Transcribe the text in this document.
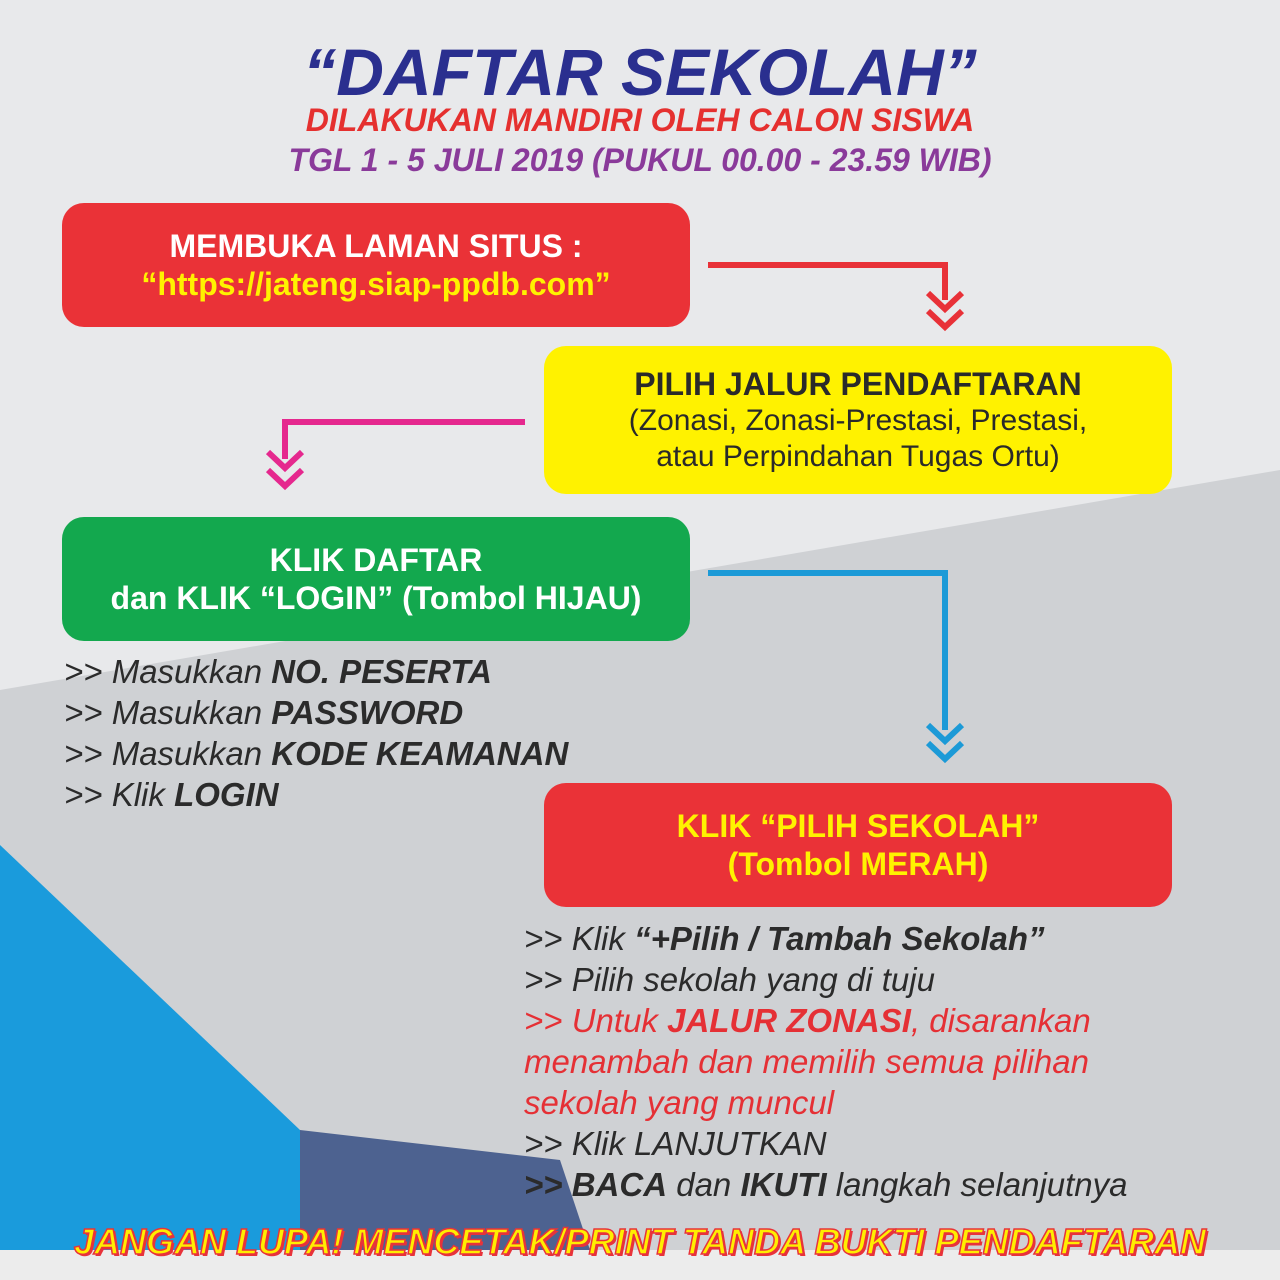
“DAFTAR SEKOLAH”
DILAKUKAN MANDIRI OLEH CALON SISWA
TGL 1 - 5 JULI 2019 (PUKUL 00.00 - 23.59 WIB)
MEMBUKA LAMAN SITUS :
“https://jateng.siap-ppdb.com”
PILIH JALUR PENDAFTARAN
(Zonasi, Zonasi-Prestasi, Prestasi,
atau Perpindahan Tugas Ortu)
KLIK DAFTAR
dan KLIK “LOGIN” (Tombol HIJAU)
>> Masukkan NO. PESERTA
>> Masukkan PASSWORD
>> Masukkan KODE KEAMANAN
>> Klik LOGIN
KLIK “PILIH SEKOLAH”
(Tombol MERAH)
>> Klik “+Pilih / Tambah Sekolah”
>> Pilih sekolah yang di tuju
>> Untuk JALUR ZONASI, disarankan
menambah dan memilih semua pilihan
sekolah yang muncul
>> Klik LANJUTKAN
>> BACA dan IKUTI langkah selanjutnya
JANGAN LUPA! MENCETAK/PRINT TANDA BUKTI PENDAFTARAN
